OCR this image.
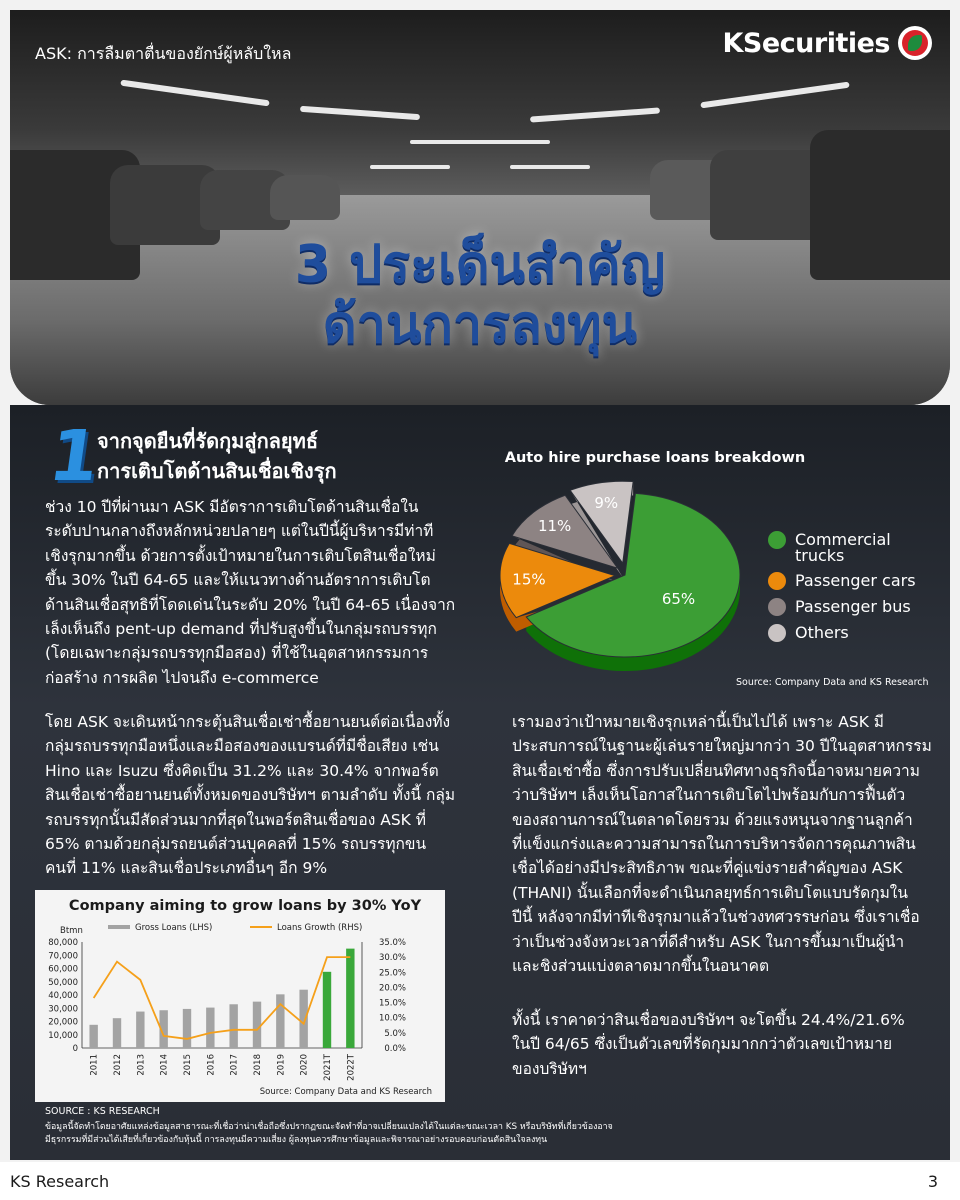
ASK: การลืมตาตื่นของยักษ์ผู้หลับใหล	KSecurities
3 ประเด็นสำคัญ
ด้านการลงทุน
1
จากจุดยืนที่รัดกุมสู่กลยุทธ์
การเติบโตด้านสินเชื่อเชิงรุก

ช่วง 10 ปีที่ผ่านมา ASK มีอัตราการเติบโตด้านสินเชื่อใน

ระดับปานกลางถึงหลักหน่วยปลายๆ แต่ในปีนี้ผู้บริหารมีท่าที

เชิงรุกมากขึ้น ด้วยการตั้งเป้าหมายในการเติบโตสินเชื่อใหม่

ขึ้น 30% ในปี 64-65 และให้แนวทางด้านอัตราการเติบโต

ด้านสินเชื่อสุทธิที่โดดเด่นในระดับ 20% ในปี 64-65 เนื่องจาก

เล็งเห็นถึง pent-up demand ที่ปรับสูงขึ้นในกลุ่มรถบรรทุก

(โดยเฉพาะกลุ่มรถบรรทุกมือสอง) ที่ใช้ในอุตสาหกรรมการ

ก่อสร้าง การผลิต ไปจนถึง e-commerce

โดย ASK จะเดินหน้ากระตุ้นสินเชื่อเช่าซื้อยานยนต์ต่อเนื่องทั้ง

กลุ่มรถบรรทุกมือหนึ่งและมือสองของแบรนด์ที่มีชื่อเสียง เช่น

Hino และ Isuzu ซึ่งคิดเป็น 31.2% และ 30.4% จากพอร์ต

สินเชื่อเช่าซื้อยานยนต์ทั้งหมดของบริษัทฯ ตามลำดับ ทั้งนี้ กลุ่ม

รถบรรทุกนั้นมีสัดส่วนมากที่สุดในพอร์ตสินเชื่อของ ASK ที่

65% ตามด้วยกลุ่มรถยนต์ส่วนบุคคลที่ 15% รถบรรทุกขน

คนที่ 11% และสินเชื่อประเภทอื่นๆ อีก 9%

เรามองว่าเป้าหมายเชิงรุกเหล่านี้เป็นไปได้ เพราะ ASK มี

ประสบการณ์ในฐานะผู้เล่นรายใหญ่มากว่า 30 ปีในอุตสาหกรรม

สินเชื่อเช่าซื้อ ซึ่งการปรับเปลี่ยนทิศทางธุรกิจนี้อาจหมายความ

ว่าบริษัทฯ เล็งเห็นโอกาสในการเติบโตไปพร้อมกับการฟื้นตัว

ของสถานการณ์ในตลาดโดยรวม ด้วยแรงหนุนจากฐานลูกค้า

ที่แข็งแกร่งและความสามารถในการบริหารจัดการคุณภาพสิน

เชื่อได้อย่างมีประสิทธิภาพ ขณะที่คู่แข่งรายสำคัญของ ASK

(THANI) นั้นเลือกที่จะดำเนินกลยุทธ์การเติบโตแบบรัดกุมใน

ปีนี้ หลังจากมีท่าทีเชิงรุกมาแล้วในช่วงทศวรรษก่อน ซึ่งเราเชื่อ

ว่าเป็นช่วงจังหวะเวลาที่ดีสำหรับ ASK ในการขึ้นมาเป็นผู้นำ

และชิงส่วนแบ่งตลาดมากขึ้นในอนาคต

ทั้งนี้ เราคาดว่าสินเชื่อของบริษัทฯ จะโตขึ้น 24.4%/21.6%

ในปี 64/65 ซึ่งเป็นตัวเลขที่รัดกุมมากกว่าตัวเลขเป้าหมาย

ของบริษัทฯ

Auto hire purchase loans breakdown
65%
15%
11%
9%
Commercial trucks
Passenger cars
Passenger bus
Others
Source: Company Data and KS Research
Company aiming to grow loans by 30% YoY
Gross Loans (LHS)	Loans Growth (RHS)
Btmn
0
10,000
20,000
30,000
40,000
50,000
60,000
70,000
80,000
0.0%
5.0%
10.0%
15.0%
20.0%
25.0%
30.0%
35.0%
2011 2012 2013 2014 2015 2016 2017 2018 2019 2020 2021T 2022T
Source: Company Data and KS Research
SOURCE : KS RESEARCH
ข้อมูลนี้จัดทำโดยอาศัยแหล่งข้อมูลสาธารณะที่เชื่อว่าน่าเชื่อถือซึ่งปรากฏขณะจัดทำที่อาจเปลี่ยนแปลงได้ในแต่ละขณะเวลา KS หรือบริษัทที่เกี่ยวข้องอาจ
มีธุรกรรมที่มีส่วนได้เสียที่เกี่ยวข้องกับหุ้นนี้ การลงทุนมีความเสี่ยง ผู้ลงทุนควรศึกษาข้อมูลและพิจารณาอย่างรอบคอบก่อนตัดสินใจลงทุน
KS Research	3
